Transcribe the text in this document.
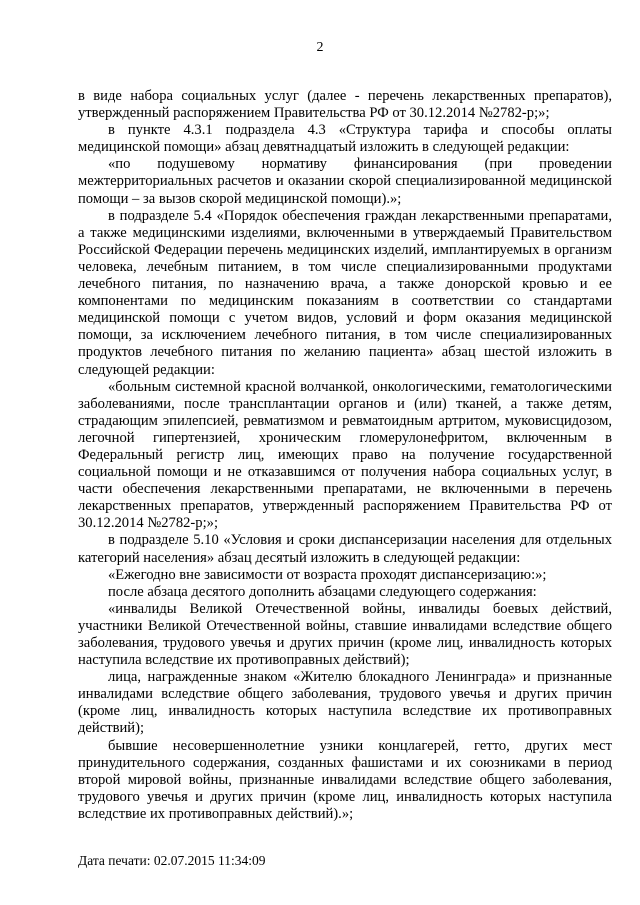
2

в виде набора социальных услуг (далее - перечень лекарственных препаратов), утвержденный распоряжением Правительства РФ от 30.12.2014 №2782-р;»;

в пункте 4.3.1 подраздела 4.3 «Структура тарифа и способы оплаты медицинской помощи» абзац девятнадцатый изложить в следующей редакции:

«по подушевому нормативу финансирования (при проведении межтерриториальных расчетов и оказании скорой специализированной медицинской помощи – за вызов скорой медицинской помощи).»;

в подразделе 5.4 «Порядок обеспечения граждан лекарственными препаратами, а также медицинскими изделиями, включенными в утверждаемый Правительством Российской Федерации перечень медицинских изделий, имплантируемых в организм человека, лечебным питанием, в том числе специализированными продуктами лечебного питания, по назначению врача, а также донорской кровью и ее компонентами по медицинским показаниям в соответствии со стандартами медицинской помощи с учетом видов, условий и форм оказания медицинской помощи, за исключением лечебного питания, в том числе специализированных продуктов лечебного питания по желанию пациента» абзац шестой изложить в следующей редакции:

«больным системной красной волчанкой, онкологическими, гематологическими заболеваниями, после трансплантации органов и (или) тканей, а также детям, страдающим эпилепсией, ревматизмом и ревматоидным артритом, муковисцидозом, легочной гипертензией, хроническим гломерулонефритом, включенным в Федеральный регистр лиц, имеющих право на получение государственной социальной помощи и не отказавшимся от получения набора социальных услуг, в части обеспечения лекарственными препаратами, не включенными в перечень лекарственных препаратов, утвержденный распоряжением Правительства РФ от 30.12.2014 №2782-р;»;

в подразделе 5.10 «Условия и сроки диспансеризации населения для отдельных категорий населения» абзац десятый изложить в следующей редакции:

«Ежегодно вне зависимости от возраста проходят диспансеризацию:»;

после абзаца десятого дополнить абзацами следующего содержания:

«инвалиды Великой Отечественной войны, инвалиды боевых действий, участники Великой Отечественной войны, ставшие инвалидами вследствие общего заболевания, трудового увечья и других причин (кроме лиц, инвалидность которых наступила вследствие их противоправных действий);

лица, награжденные знаком «Жителю блокадного Ленинграда» и признанные инвалидами вследствие общего заболевания, трудового увечья и других причин (кроме лиц, инвалидность которых наступила вследствие их противоправных действий);

бывшие несовершеннолетние узники концлагерей, гетто, других мест принудительного содержания, созданных фашистами и их союзниками в период второй мировой войны, признанные инвалидами вследствие общего заболевания, трудового увечья и других причин (кроме лиц, инвалидность которых наступила вследствие их противоправных действий).»;

Дата печати: 02.07.2015 11:34:09
